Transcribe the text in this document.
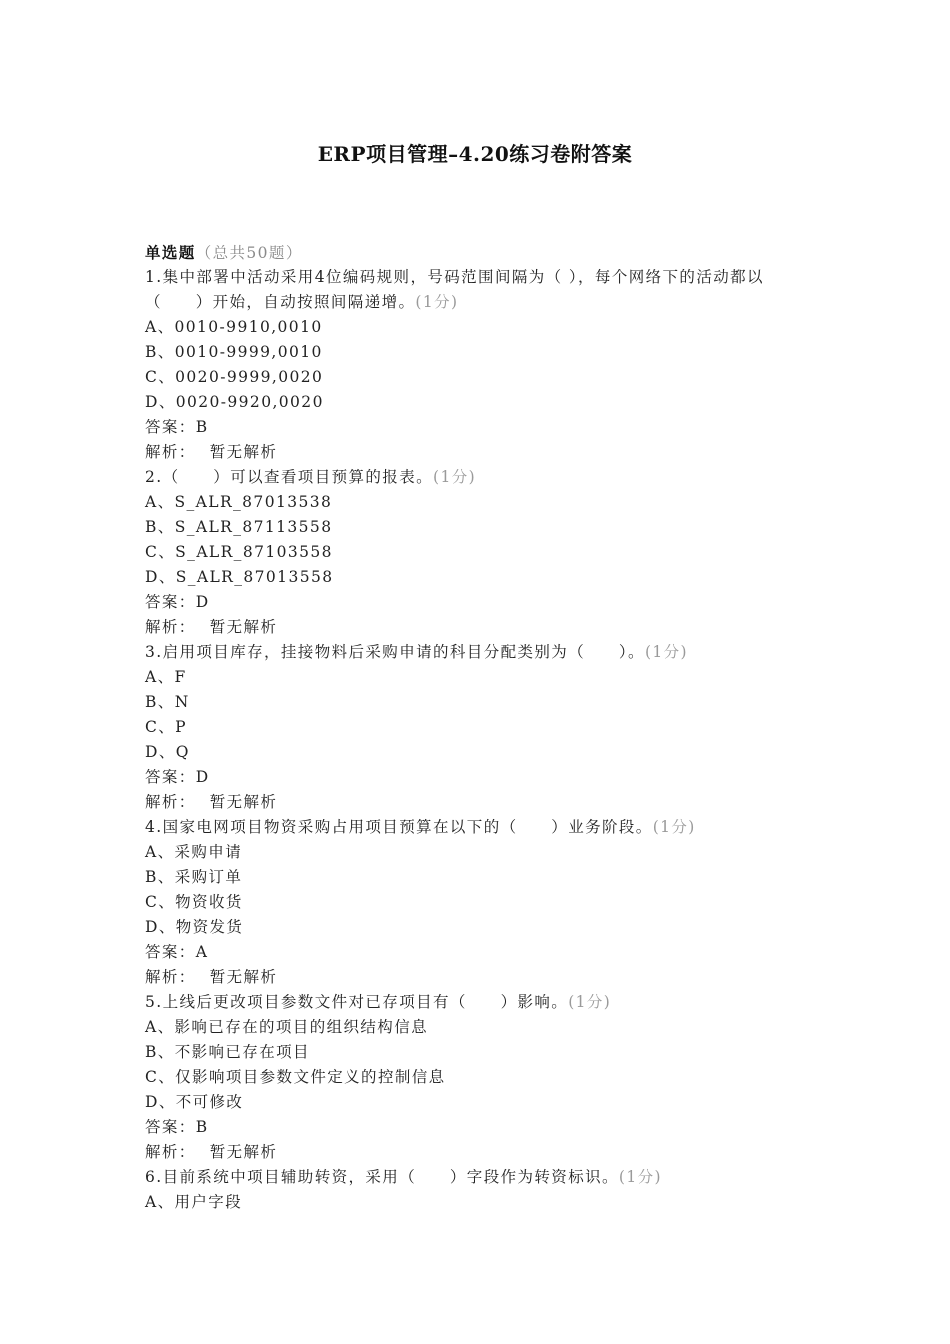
ERP项目管理–4.20练习卷附答案
单选题（总共50题）
1.集中部署中活动采用4位编码规则，号码范围间隔为（ ），每个网络下的活动都以（　　）开始，自动按照间隔递增。(1分)
A、0010-9910,0010
B、0010-9999,0010
C、0020-9999,0020
D、0020-9920,0020
答案：B
解析： 暂无解析
2.（　　）可以查看项目预算的报表。(1分)
A、S_ALR_87013538
B、S_ALR_87113558
C、S_ALR_87103558
D、S_ALR_87013558
答案：D
解析： 暂无解析
3.启用项目库存，挂接物料后采购申请的科目分配类别为（　　）。(1分)
A、F
B、N
C、P
D、Q
答案：D
解析： 暂无解析
4.国家电网项目物资采购占用项目预算在以下的（　　）业务阶段。(1分)
A、采购申请
B、采购订单
C、物资收货
D、物资发货
答案：A
解析： 暂无解析
5.上线后更改项目参数文件对已存项目有（　　）影响。(1分)
A、影响已存在的项目的组织结构信息
B、不影响已存在项目
C、仅影响项目参数文件定义的控制信息
D、不可修改
答案：B
解析： 暂无解析
6.目前系统中项目辅助转资，采用（　　）字段作为转资标识。(1分)
A、用户字段
